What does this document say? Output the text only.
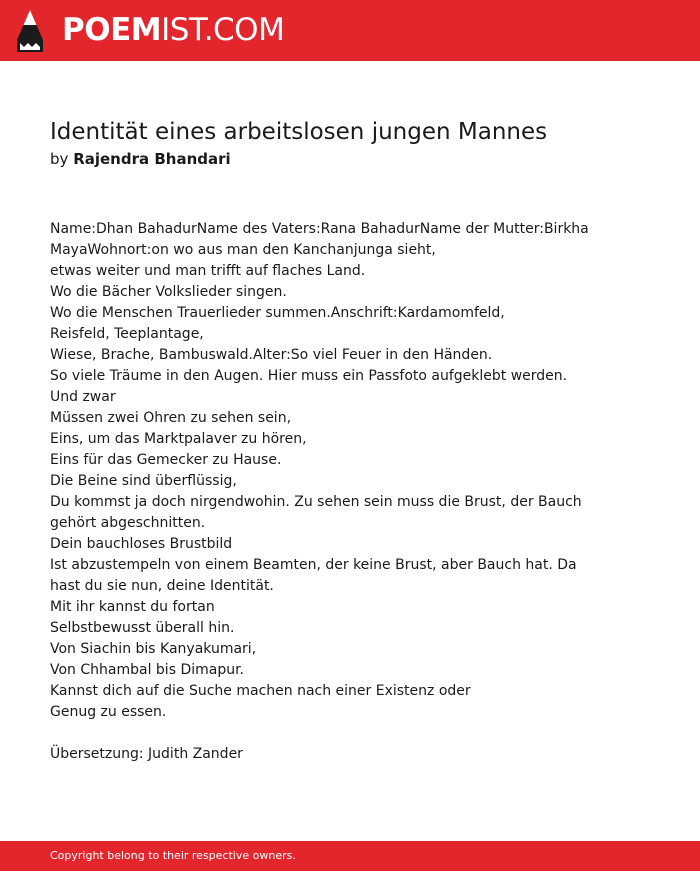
POEMIST.COM
Identität eines arbeitslosen jungen Mannes
by Rajendra Bhandari
Name:Dhan BahadurName des Vaters:Rana BahadurName der Mutter:Birkha
MayaWohnort:on wo aus man den Kanchanjunga sieht,
etwas weiter und man trifft auf flaches Land.
Wo die Bächer Volkslieder singen.
Wo die Menschen Trauerlieder summen.Anschrift:Kardamomfeld,
Reisfeld, Teeplantage,
Wiese, Brache, Bambuswald.Alter:So viel Feuer in den Händen.
So viele Träume in den Augen. Hier muss ein Passfoto aufgeklebt werden.
Und zwar
Müssen zwei Ohren zu sehen sein,
Eins, um das Marktpalaver zu hören,
Eins für das Gemecker zu Hause.
Die Beine sind überflüssig,
Du kommst ja doch nirgendwohin. Zu sehen sein muss die Brust, der Bauch
gehört abgeschnitten.
Dein bauchloses Brustbild
Ist abzustempeln von einem Beamten, der keine Brust, aber Bauch hat. Da
hast du sie nun, deine Identität.
Mit ihr kannst du fortan
Selbstbewusst überall hin.
Von Siachin bis Kanyakumari,
Von Chhambal bis Dimapur.
Kannst dich auf die Suche machen nach einer Existenz oder
Genug zu essen.
Übersetzung: Judith Zander
Copyright belong to their respective owners.
